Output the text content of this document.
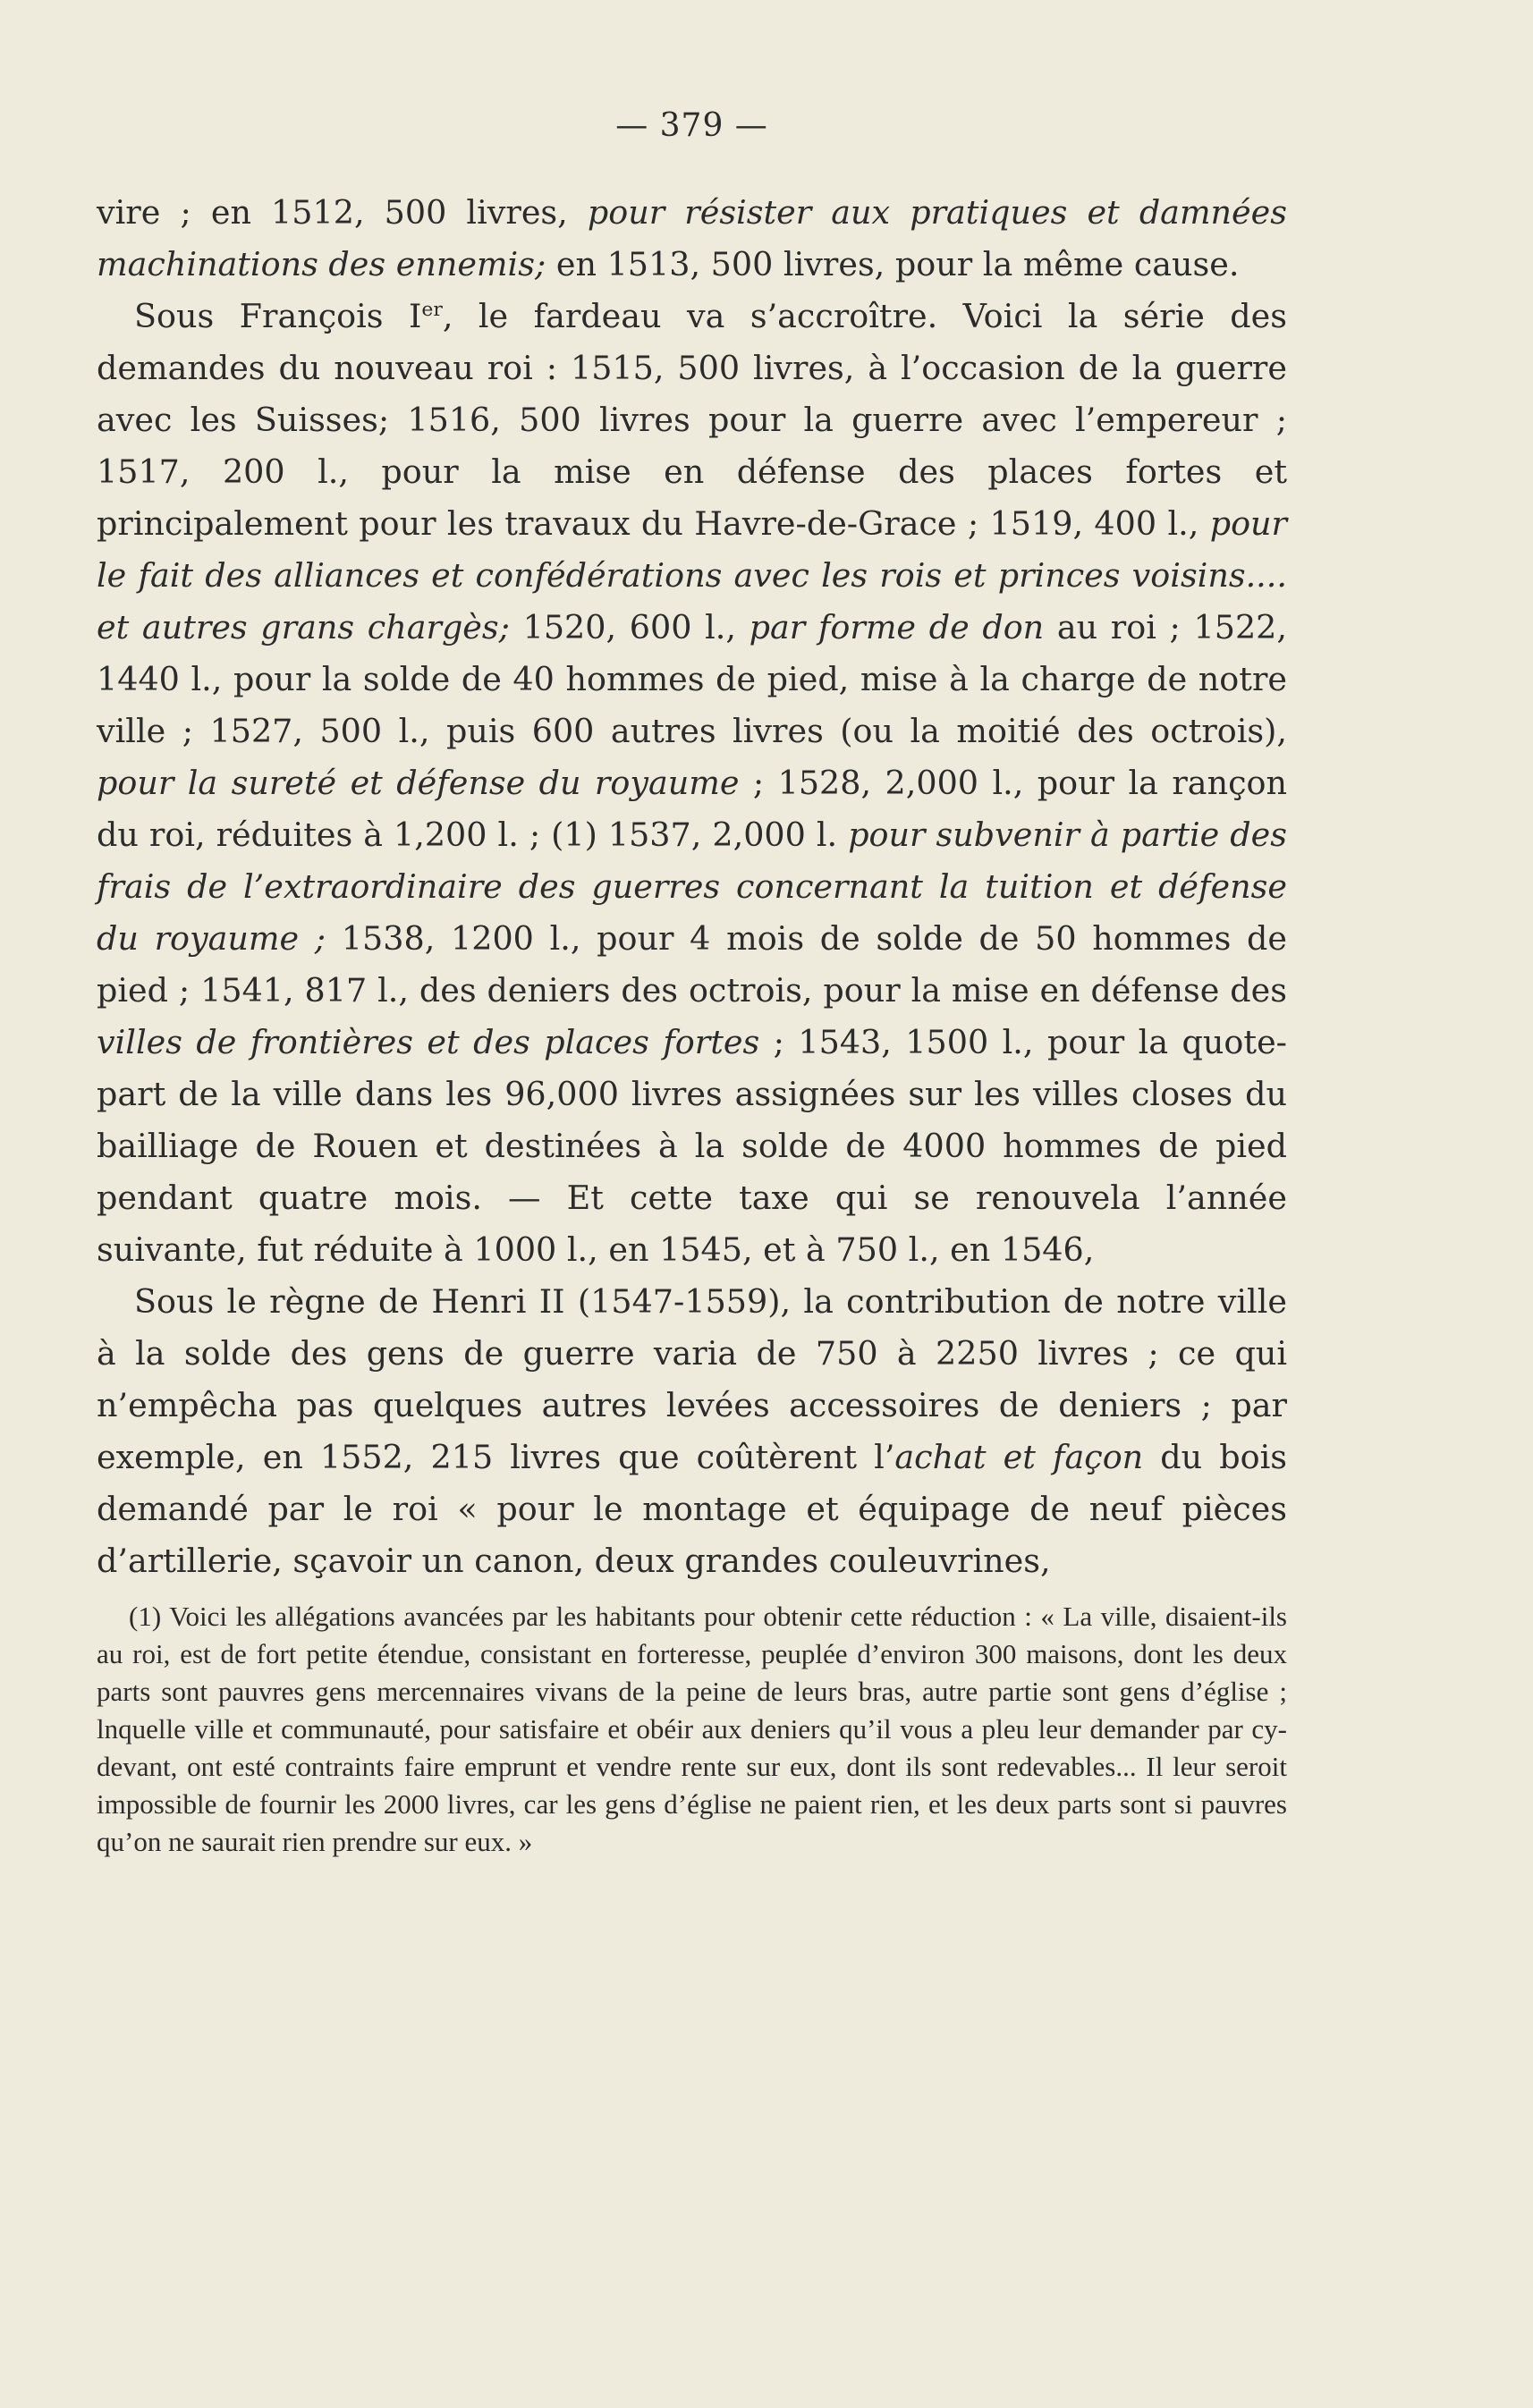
— 379 —

vire ; en 1512, 500 livres, pour résister aux pratiques et damnées machinations des ennemis; en 1513, 500 livres, pour la même cause.

Sous François Ier, le fardeau va s’accroître. Voici la série des demandes du nouveau roi : 1515, 500 livres, à l’occasion de la guerre avec les Suisses; 1516, 500 livres pour la guerre avec l’empereur ; 1517, 200 l., pour la mise en défense des places fortes et principalement pour les travaux du Havre-de-Grace ; 1519, 400 l., pour le fait des alliances et confédérations avec les rois et princes voisins.... et autres grans chargès; 1520, 600 l., par forme de don au roi ; 1522, 1440 l., pour la solde de 40 hommes de pied, mise à la charge de notre ville ; 1527, 500 l., puis 600 autres livres (ou la moitié des octrois), pour la sureté et défense du royaume ; 1528, 2,000 l., pour la rançon du roi, réduites à 1,200 l. ; (1) 1537, 2,000 l. pour subvenir à partie des frais de l’extraordinaire des guerres concernant la tuition et défense du royaume ; 1538, 1200 l., pour 4 mois de solde de 50 hommes de pied ; 1541, 817 l., des deniers des octrois, pour la mise en défense des villes de frontières et des places fortes ; 1543, 1500 l., pour la quote-part de la ville dans les 96,000 livres assignées sur les villes closes du bailliage de Rouen et destinées à la solde de 4000 hommes de pied pendant quatre mois. — Et cette taxe qui se renouvela l’année suivante, fut réduite à 1000 l., en 1545, et à 750 l., en 1546,

Sous le règne de Henri II (1547-1559), la contribution de notre ville à la solde des gens de guerre varia de 750 à 2250 livres ; ce qui n’empêcha pas quelques autres levées accessoires de deniers ; par exemple, en 1552, 215 livres que coûtèrent l’achat et façon du bois demandé par le roi « pour le montage et équipage de neuf pièces d’artillerie, sçavoir un canon, deux grandes couleuvrines,

(1) Voici les allégations avancées par les habitants pour obtenir cette réduction : « La ville, disaient-ils au roi, est de fort petite étendue, consistant en forteresse, peuplée d’environ 300 maisons, dont les deux parts sont pauvres gens mercennaires vivans de la peine de leurs bras, autre partie sont gens d’église ; lnquelle ville et communauté, pour satisfaire et obéir aux deniers qu’il vous a pleu leur demander par cy-devant, ont esté contraints faire emprunt et vendre rente sur eux, dont ils sont redevables... Il leur seroit impossible de fournir les 2000 livres, car les gens d’église ne paient rien, et les deux parts sont si pauvres qu’on ne saurait rien prendre sur eux. »
